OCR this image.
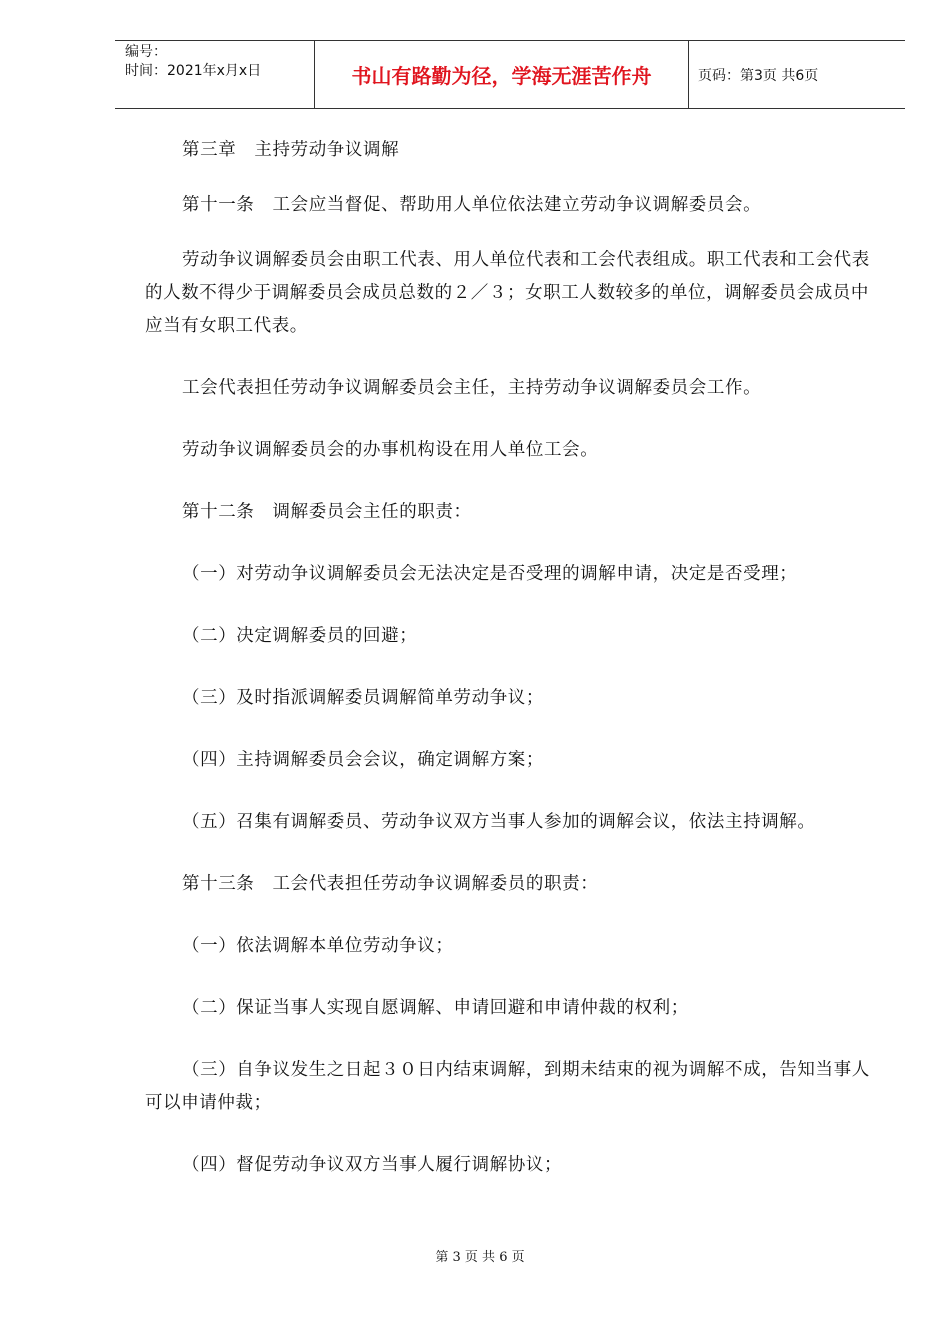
编号：
时间：2021年x月x日	书山有路勤为径，学海无涯苦作舟	页码：第3页 共6页

第三章　主持劳动争议调解

第十一条　工会应当督促、帮助用人单位依法建立劳动争议调解委员会。

劳动争议调解委员会由职工代表、用人单位代表和工会代表组成。职工代表和工会代表的人数不得少于调解委员会成员总数的２／３；女职工人数较多的单位，调解委员会成员中应当有女职工代表。

工会代表担任劳动争议调解委员会主任，主持劳动争议调解委员会工作。

劳动争议调解委员会的办事机构设在用人单位工会。

第十二条　调解委员会主任的职责：

（一）对劳动争议调解委员会无法决定是否受理的调解申请，决定是否受理；

（二）决定调解委员的回避；

（三）及时指派调解委员调解简单劳动争议；

（四）主持调解委员会会议，确定调解方案；

（五）召集有调解委员、劳动争议双方当事人参加的调解会议，依法主持调解。

第十三条　工会代表担任劳动争议调解委员的职责：

（一）依法调解本单位劳动争议；

（二）保证当事人实现自愿调解、申请回避和申请仲裁的权利；

（三）自争议发生之日起３０日内结束调解，到期未结束的视为调解不成，告知当事人可以申请仲裁；

（四）督促劳动争议双方当事人履行调解协议；

第 3 页 共 6 页
